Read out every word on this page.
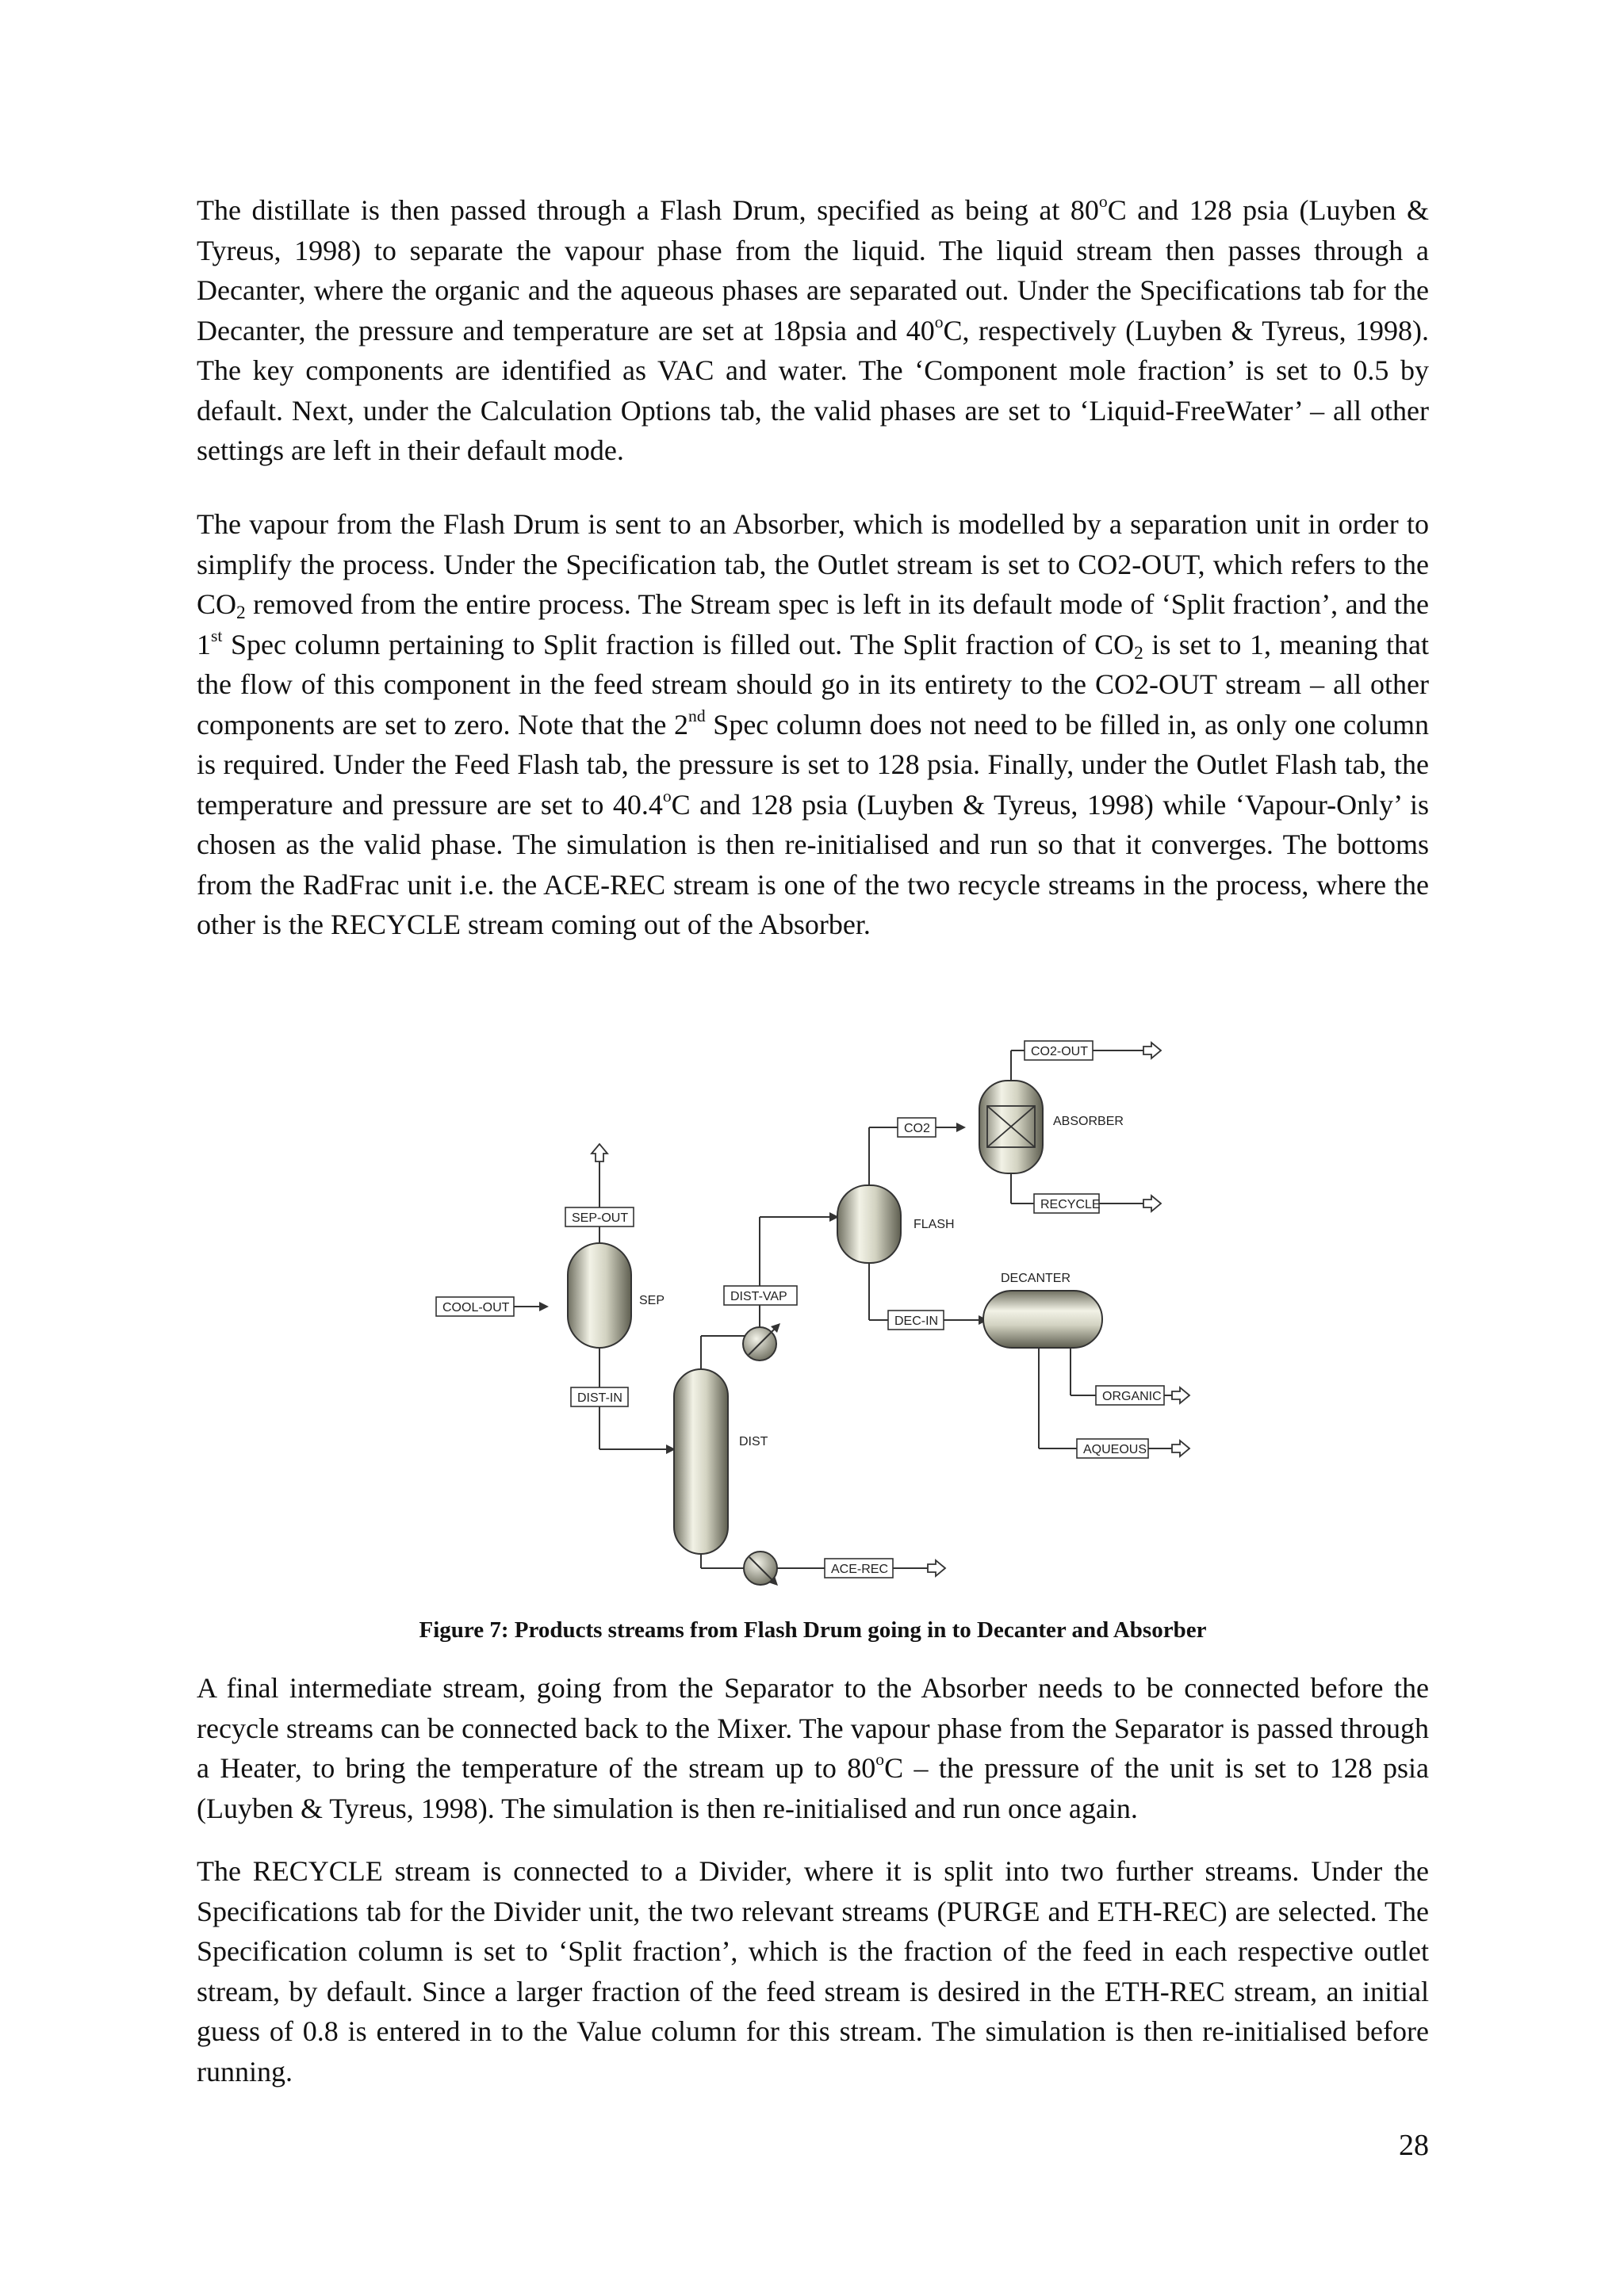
The distillate is then passed through a Flash Drum, specified as being at 80$^o$C and 128 psia (Luyben & Tyreus, 1998) to separate the vapour phase from the liquid. The liquid stream then passes through a Decanter, where the organic and the aqueous phases are separated out. Under the Specifications tab for the Decanter, the pressure and temperature are set at 18psia and 40$^o$C, respectively (Luyben & Tyreus, 1998). The key components are identified as VAC and water. The ‘Component mole fraction’ is set to 0.5 by default. Next, under the Calculation Options tab, the valid phases are set to ‘Liquid-FreeWater’ – all other settings are left in their default mode.

The vapour from the Flash Drum is sent to an Absorber, which is modelled by a separation unit in order to simplify the process. Under the Specification tab, the Outlet stream is set to CO2-OUT, which refers to the $CO_2$ removed from the entire process. The Stream spec is left in its default mode of ‘Split fraction’, and the 1st Spec column pertaining to Split fraction is filled out. The Split fraction of $CO_2$ is set to 1, meaning that the flow of this component in the feed stream should go in its entirety to the CO2-OUT stream – all other components are set to zero. Note that the 2nd Spec column does not need to be filled in, as only one column is required. Under the Feed Flash tab, the pressure is set to 128 psia. Finally, under the Outlet Flash tab, the temperature and pressure are set to 40.4$^o$C and 128 psia (Luyben & Tyreus, 1998) while ‘Vapour-Only’ is chosen as the valid phase. The simulation is then re-initialised and run so that it converges. The bottoms from the RadFrac unit i.e. the ACE-REC stream is one of the two recycle streams in the process, where the other is the RECYCLE stream coming out of the Absorber.

SEP
DIST
FLASH
DECANTER
ABSORBER
COOL-OUT
SEP-OUT
DIST-IN
DIST-VAP
ACE-REC
CO2
DEC-IN
CO2-OUT
RECYCLE
ORGANIC
AQUEOUS

Figure 7: Products streams from Flash Drum going in to Decanter and Absorber

A final intermediate stream, going from the Separator to the Absorber needs to be connected before the recycle streams can be connected back to the Mixer. The vapour phase from the Separator is passed through a Heater, to bring the temperature of the stream up to 80$^o$C – the pressure of the unit is set to 128 psia (Luyben & Tyreus, 1998). The simulation is then re-initialised and run once again.

The RECYCLE stream is connected to a Divider, where it is split into two further streams. Under the Specifications tab for the Divider unit, the two relevant streams (PURGE and ETH-REC) are selected. The Specification column is set to ‘Split fraction’, which is the fraction of the feed in each respective outlet stream, by default. Since a larger fraction of the feed stream is desired in the ETH-REC stream, an initial guess of 0.8 is entered in to the Value column for this stream. The simulation is then re-initialised before running.

28
